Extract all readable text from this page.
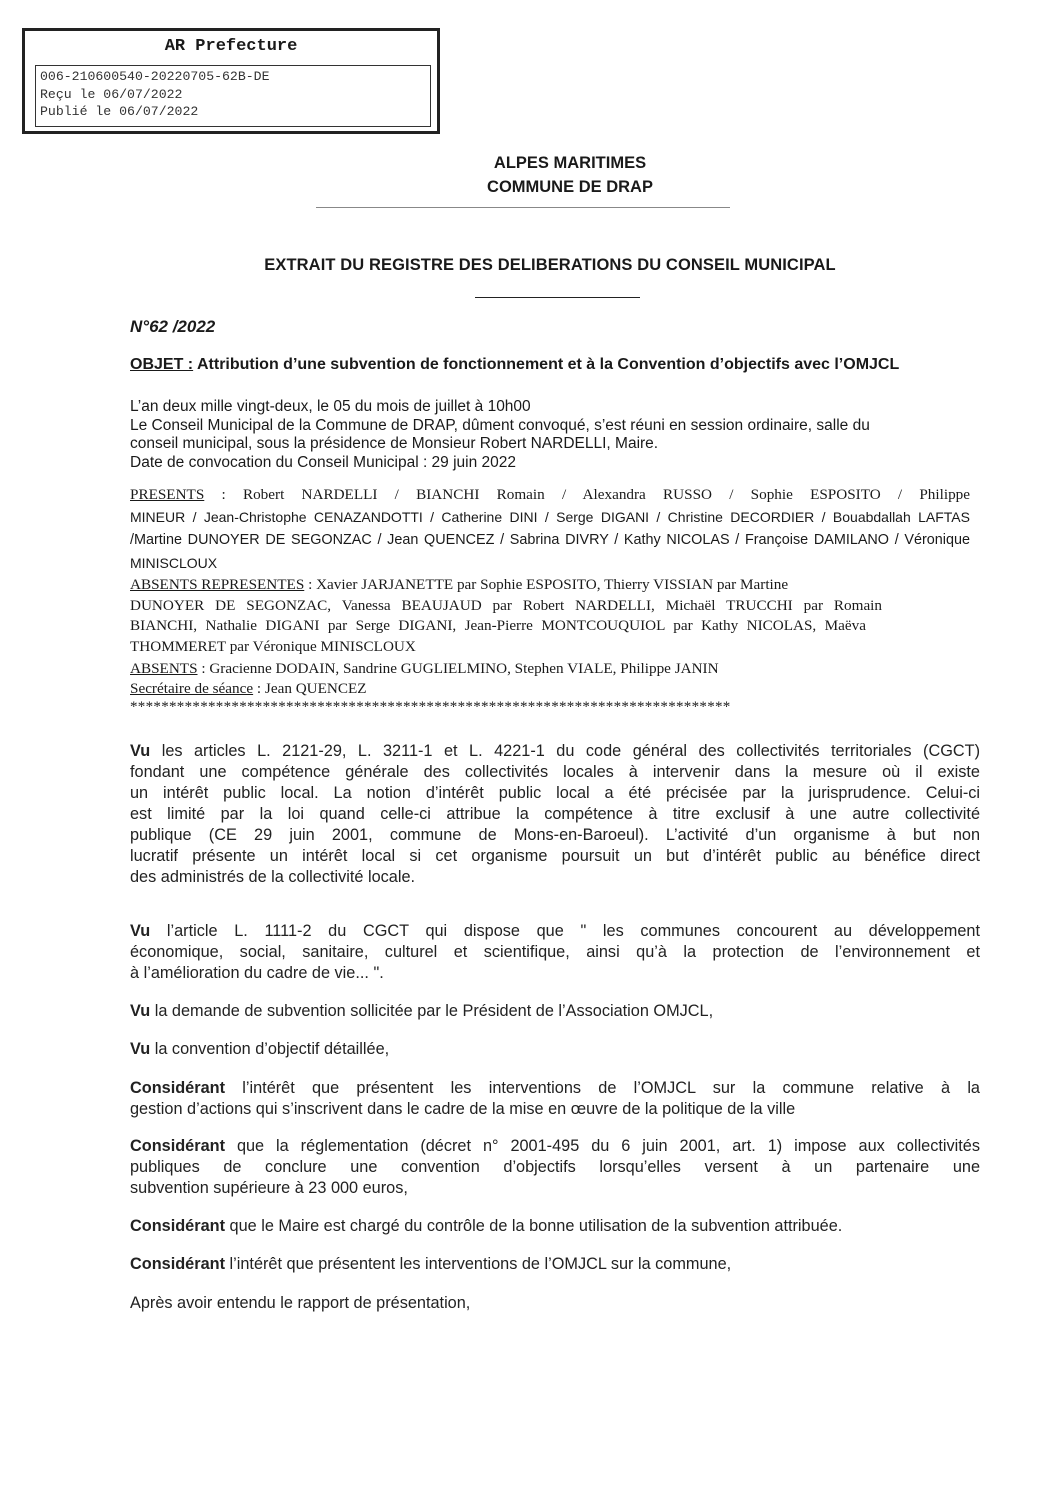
AR Prefecture
006-210600540-20220705-62B-DE
Reçu le 06/07/2022
Publié le 06/07/2022
ALPES MARITIMES
COMMUNE DE DRAP
EXTRAIT DU REGISTRE DES DELIBERATIONS DU CONSEIL MUNICIPAL
N°62 /2022
OBJET : Attribution d’une subvention de fonctionnement et à la Convention d’objectifs avec l’OMJCL
L’an deux mille vingt-deux, le 05 du mois de juillet à 10h00
Le Conseil Municipal de la Commune de DRAP, dûment convoqué, s’est réuni en session ordinaire, salle du
conseil municipal, sous la présidence de Monsieur Robert NARDELLI, Maire.
Date de convocation du Conseil Municipal : 29 juin 2022
PRESENTS : Robert NARDELLI / BIANCHI Romain / Alexandra RUSSO / Sophie ESPOSITO / Philippe
MINEUR / Jean-Christophe CENAZANDOTTI / Catherine DINI / Serge DIGANI / Christine DECORDIER / Bouabdallah LAFTAS
/Martine DUNOYER DE SEGONZAC / Jean QUENCEZ / Sabrina DIVRY / Kathy NICOLAS / Françoise DAMILANO / Véronique
MINISCLOUX
ABSENTS REPRESENTES : Xavier JARJANETTE par Sophie ESPOSITO, Thierry VISSIAN par Martine
DUNOYER DE SEGONZAC, Vanessa BEAUJAUD par Robert NARDELLI, Michaël TRUCCHI par Romain
BIANCHI, Nathalie DIGANI par Serge DIGANI, Jean-Pierre MONTCOUQUIOL par Kathy NICOLAS, Maëva
THOMMERET par Véronique MINISCLOUX
ABSENTS : Gracienne DODAIN, Sandrine GUGLIELMINO, Stephen VIALE, Philippe JANIN
Secrétaire de séance : Jean QUENCEZ
*****************************************************************************
Vu les articles L. 2121-29, L. 3211-1 et L. 4221-1 du code général des collectivités territoriales (CGCT)
fondant une compétence générale des collectivités locales à intervenir dans la mesure où il existe
un intérêt public local. La notion d’intérêt public local a été précisée par la jurisprudence. Celui-ci
est limité par la loi quand celle-ci attribue la compétence à titre exclusif à une autre collectivité
publique (CE 29 juin 2001, commune de Mons-en-Baroeul). L’activité d’un organisme à but non
lucratif présente un intérêt local si cet organisme poursuit un but d’intérêt public au bénéfice direct
des administrés de la collectivité locale.
Vu l’article L. 1111-2 du CGCT qui dispose que " les communes concourent au développement
économique, social, sanitaire, culturel et scientifique, ainsi qu’à la protection de l’environnement et
à l’amélioration du cadre de vie... ".
Vu la demande de subvention sollicitée par le Président de l’Association OMJCL,
Vu la convention d’objectif détaillée,
Considérant l’intérêt que présentent les interventions de l’OMJCL sur la commune relative à la
gestion d’actions qui s’inscrivent dans le cadre de la mise en œuvre de la politique de la ville
Considérant que la réglementation (décret n° 2001-495 du 6 juin 2001, art. 1) impose aux collectivités
publiques de conclure une convention d’objectifs lorsqu’elles versent à un partenaire une
subvention supérieure à 23 000 euros,
Considérant que le Maire est chargé du contrôle de la bonne utilisation de la subvention attribuée.
Considérant l’intérêt que présentent les interventions de l’OMJCL sur la commune,
Après avoir entendu le rapport de présentation,
